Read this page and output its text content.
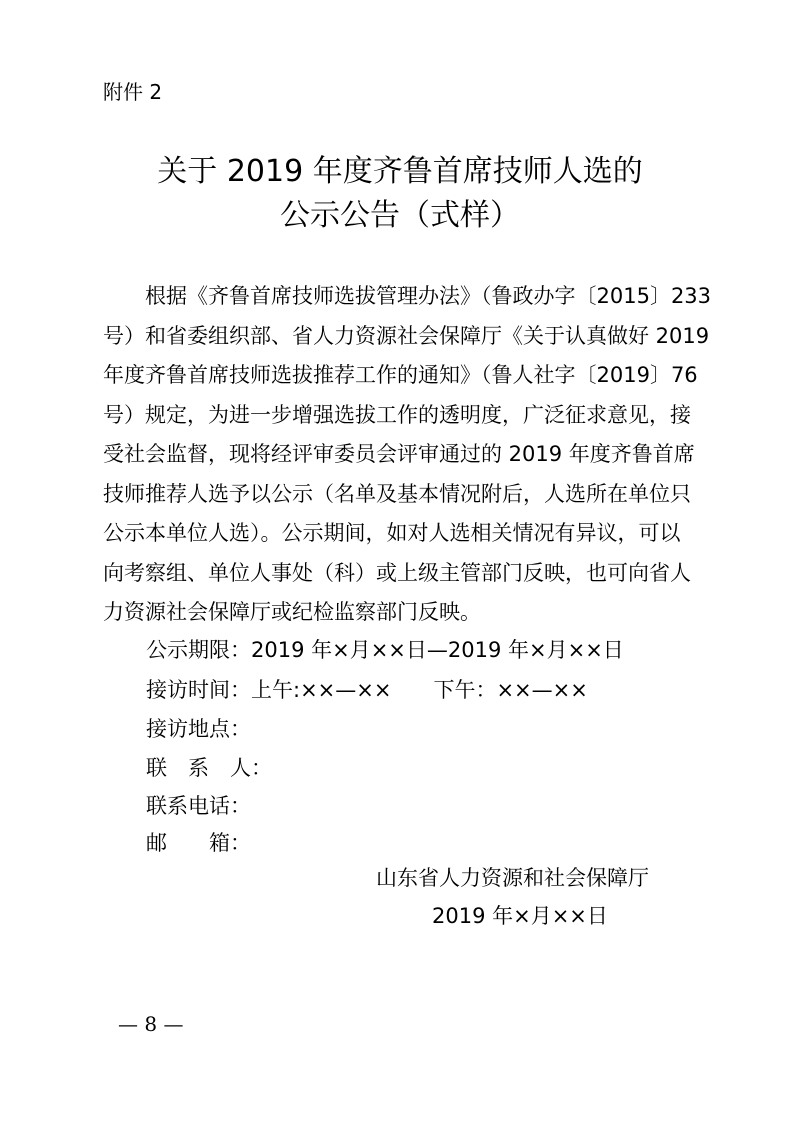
附件 2
关于 2019 年度齐鲁首席技师人选的
公示公告（式样）
　　根据《齐鲁首席技师选拔管理办法》（鲁政办字〔2015〕233
号）和省委组织部、省人力资源社会保障厅《关于认真做好 2019
年度齐鲁首席技师选拔推荐工作的通知》（鲁人社字〔2019〕76
号）规定，为进一步增强选拔工作的透明度，广泛征求意见，接
受社会监督，现将经评审委员会评审通过的 2019 年度齐鲁首席
技师推荐人选予以公示（名单及基本情况附后，人选所在单位只
公示本单位人选）。公示期间，如对人选相关情况有异议，可以
向考察组、单位人事处（科）或上级主管部门反映，也可向省人
力资源社会保障厅或纪检监察部门反映。
公示期限：2019 年×月××日—2019 年×月××日
接访时间：上午:××—××　　下午：××—××
接访地点：
联　系　人：
联系电话：
邮　　箱：
山东省人力资源和社会保障厅
2019 年×月××日
— 8 —
